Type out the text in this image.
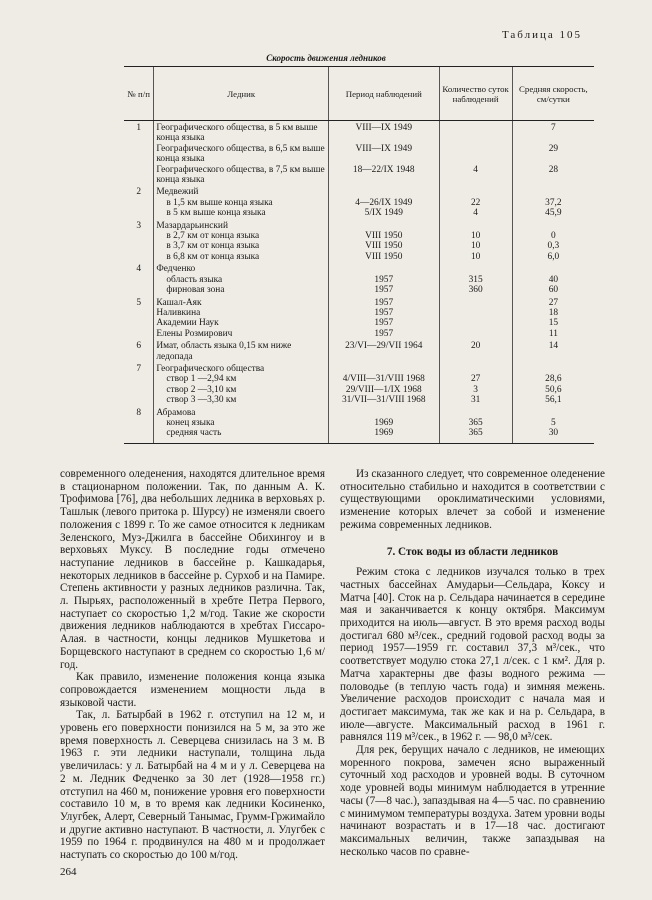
Таблица 105
Скорость движения ледников
№ п/п	Ледник	Период наблюдений	Количество суток наблюдений	Средняя скорость, см/сутки

1	Географического общества, в 5 км выше конца языка	VIII—IX 1949		7

	Географического общества, в 6,5 км выше конца языка	VIII—IX 1949		29

	Географического общества, в 7,5 км выше конца языка	18—22/IX 1948	4	28

2	Медвежий			

	в 1,5 км выше конца языка	4—26/IX 1949	22	37,2

	в 5 км выше конца языка	5/IX 1949	4	45,9

3	Мазардарьинский			

	в 2,7 км от конца языка	VIII 1950	10	0

	в 3,7 км от конца языка	VIII 1950	10	0,3

	в 6,8 км от конца языка	VIII 1950	10	6,0

4	Федченко			

	область языка	1957	315	40

	фирновая зона	1957	360	60

5	Кашал-Аяк	1957		27

	Наливкина	1957		18

	Академии Наук	1957		15

	Елены Розмирович	1957		11

6	Имат, область языка 0,15 км ниже ледопада	23/VI—29/VII 1964	20	14

7	Географического общества			

	створ 1 —2,94 км	4/VIII—31/VIII 1968	27	28,6

	створ 2 —3,10 км	29/VIII—1/IX 1968	3	50,6

	створ 3 —3,30 км	31/VII—31/VIII 1968	31	56,1

8	Абрамова			

	конец языка	1969	365	5

	средняя часть	1969	365	30

современного оледенения, находятся длительное время в стационарном положении. Так, по данным А. К. Трофимова [76], два небольших ледника в верховьях р. Ташлык (левого притока р. Шурсу) не изменяли своего положения с 1899 г. То же самое относится к ледникам Зеленского, Муз-Джилга в бассейне Обихингоу и в верховьях Мукcу. В последние годы отмечено наступание ледников в бассейне р. Кашкадарья, некоторых ледников в бассейне р. Сурхоб и на Памире. Степень активности у разных ледников различна. Так, л. Пырьях, расположенный в хребте Петра Первого, наступает со скоростью 1,2 м/год. Такие же скорости движения ледников наблюдаются в хребтах Гиссаро-Алая. в частности, концы ледников Мушкетова и Борщевского наступают в среднем со скоростью 1,6 м/год.

Как правило, изменение положения конца языка сопровождается изменением мощности льда в языковой части.

Так, л. Батырбай в 1962 г. отступил на 12 м, и уровень его поверхности понизился на 5 м, за это же время поверхность л. Северцева снизилась на 3 м. В 1963 г. эти ледники наступали, толщина льда увеличилась: у л. Батырбай на 4 м и у л. Северцева на 2 м. Ледник Федченко за 30 лет (1928—1958 гг.) отступил на 460 м, понижение уровня его поверхности составило 10 м, в то время как ледники Косиненко, Улугбек, Алерт, Северный Танымас, Грумм-Гржимайло и другие активно наступают. В частности, л. Улугбек с 1959 по 1964 г. продвинулся на 480 м и продолжает наступать со скоростью до 100 м/год.

Из сказанного следует, что современное оледенение относительно стабильно и находится в соответствии с существующими орoклиматическими условиями, изменение которых влечет за собой и изменение режима современных ледников.

7. Сток воды из области ледников

Режим стока с ледников изучался только в трех частных бассейнах Амударьи—Сельдара, Коксу и Матча [40]. Сток на р. Сельдара начинается в середине мая и заканчивается к концу октября. Максимум приходится на июль—август. В это время расход воды достигал 680 м³/сек., средний годовой расход воды за период 1957—1959 гг. составил 37,3 м³/сек., что соответствует модулю стока 27,1 л/сек. с 1 км². Для р. Матча характерны две фазы водного режима — половодье (в теплую часть года) и зимняя межень. Увеличение расходов происходит с начала мая и достигает максимума, так же как и на р. Сельдара, в июле—августе. Максимальный расход в 1961 г. равнялся 119 м³/сек., в 1962 г. — 98,0 м³/сек.

Для рек, берущих начало с ледников, не имеющих моренного покрова, замечен ясно выраженный суточный ход расходов и уровней воды. В суточном ходе уровней воды минимум наблюдается в утренние часы (7—8 час.), запаздывая на 4—5 час. по сравнению с минимумом температуры воздуха. Затем уровни воды начинают возрастать и в 17—18 час. достигают максимальных величин, также запаздывая на несколько часов по сравне-

264
